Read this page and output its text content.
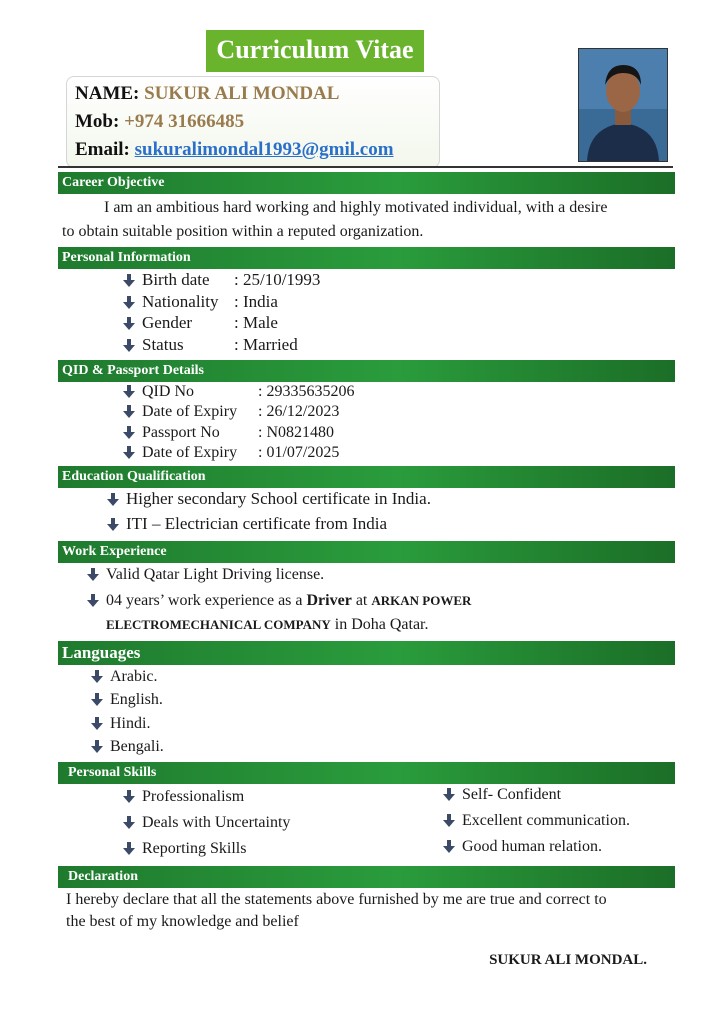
Curriculum Vitae
NAME: SUKUR ALI MONDAL
Mob: +974 31666485
Email: sukuralimondal1993@gmil.com
Career Objective
I am an ambitious hard working and highly motivated individual, with a desire
to obtain suitable position within a reputed organization.
Personal Information
QID & Passport Details
Education Qualification
Work Experience
Valid Qatar Light Driving license.
04 years’ work experience as a Driver at ARKAN POWER
ELECTROMECHANICAL COMPANY in Doha Qatar.
Languages
Personal Skills
Declaration
I hereby declare that all the statements above furnished by me are true and correct to
the best of my knowledge and belief
SUKUR ALI MONDAL.
Birth date	: 25/10/1993
Nationality : India
Gender	: Male
Status	: Married
QID No	: 29335635206
Date of Expiry	: 26/12/2023
Passport No	: N0821480
Date of Expiry	: 01/07/2025
Higher secondary School certificate in India.
ITI – Electrician certificate from India
Arabic.
English.
Hindi.
Bengali.
Professionalism
Deals with Uncertainty
Reporting Skills
Self- Confident
Excellent communication.
Good human relation.
